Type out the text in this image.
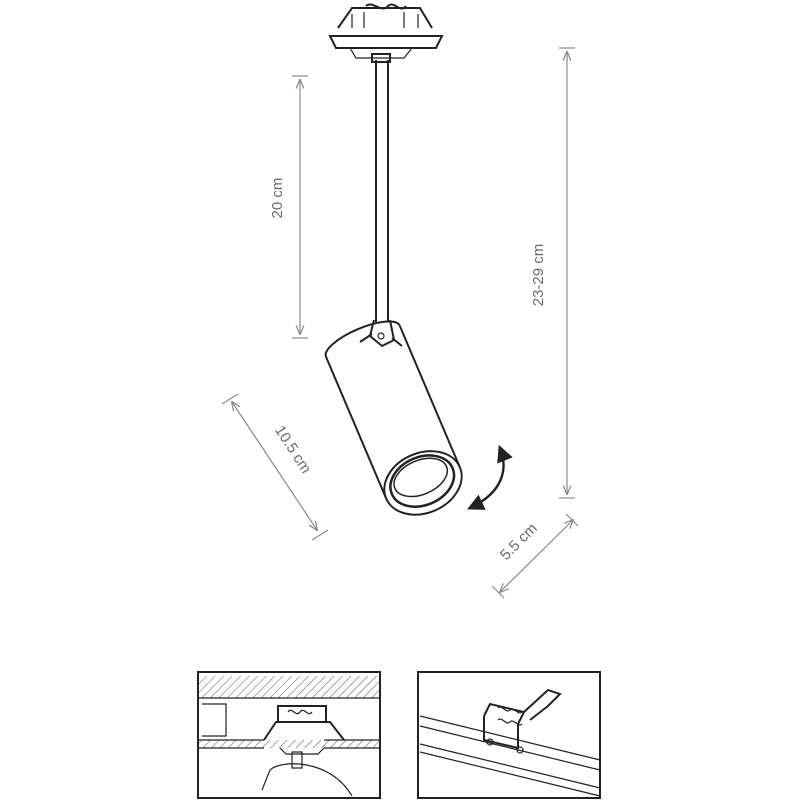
20 cm
23-29 cm
10.5 cm
5.5 cm
